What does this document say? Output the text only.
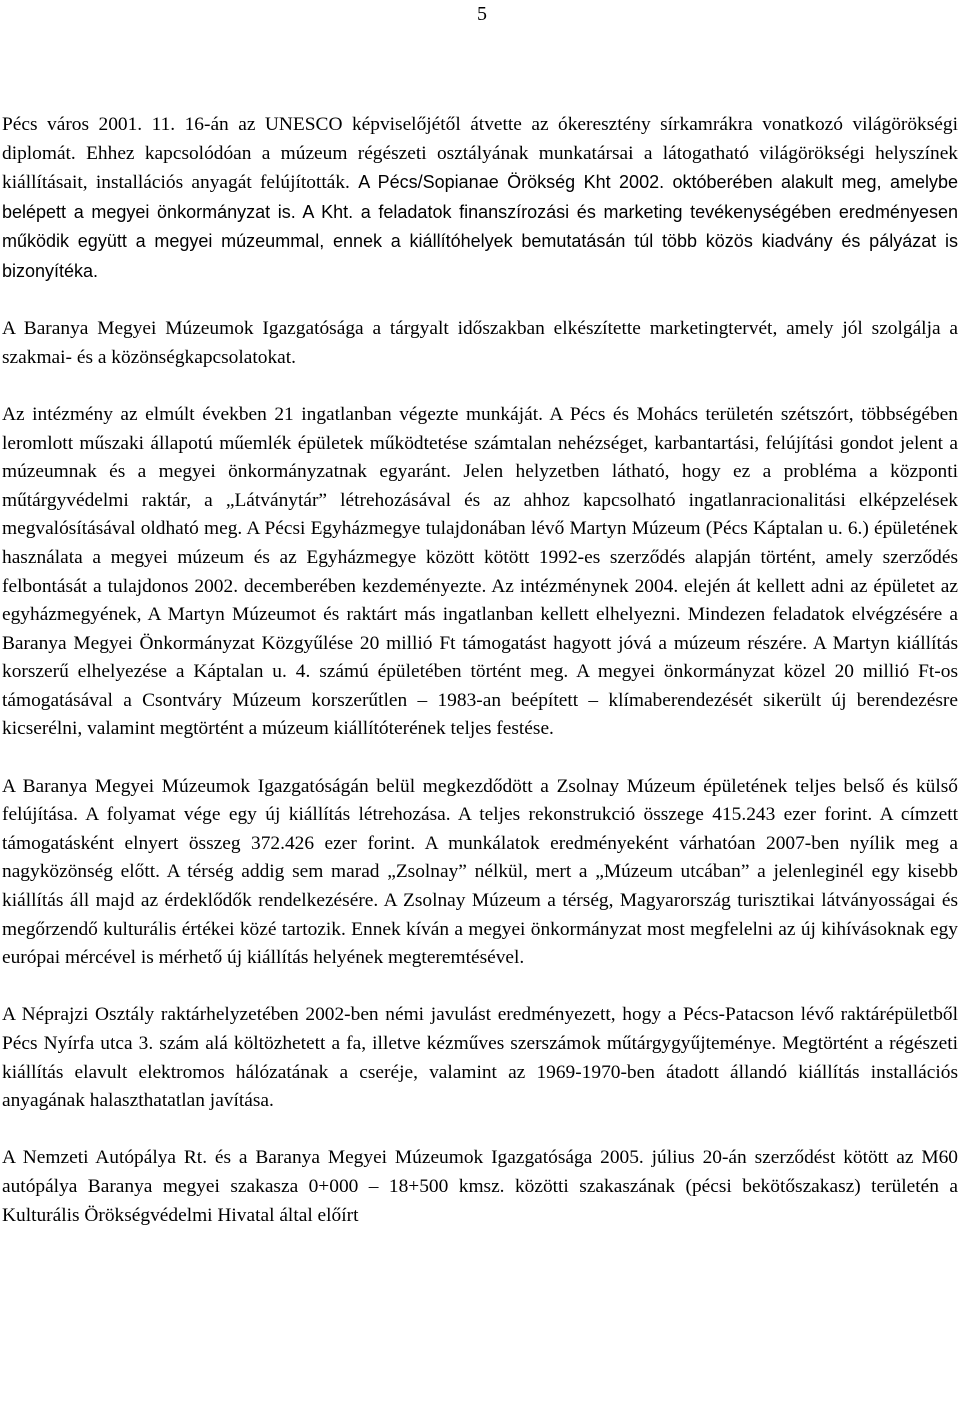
5

Pécs város 2001. 11. 16-án az UNESCO képviselőjétől átvette az ókeresztény sírkamrákra vonatkozó világörökségi diplomát. Ehhez kapcsolódóan a múzeum régészeti osztályának munkatársai a látogatható világörökségi helyszínek kiállításait, installációs anyagát felújították. A Pécs/Sopianae Örökség Kht 2002. októberében alakult meg, amelybe belépett a megyei önkormányzat is. A Kht. a feladatok finanszírozási és marketing tevékenységében eredményesen működik együtt a megyei múzeummal, ennek a kiállítóhelyek bemutatásán túl több közös kiadvány és pályázat is bizonyítéka.

A Baranya Megyei Múzeumok Igazgatósága a tárgyalt időszakban elkészítette marketingtervét, amely jól szolgálja a szakmai- és a közönségkapcsolatokat.

Az intézmény az elmúlt években 21 ingatlanban végezte munkáját. A Pécs és Mohács területén szétszórt, többségében leromlott műszaki állapotú műemlék épületek működtetése számtalan nehézséget, karbantartási, felújítási gondot jelent a múzeumnak és a megyei önkormányzatnak egyaránt. Jelen helyzetben látható, hogy ez a probléma a központi műtárgyvédelmi raktár, a „Látványtár” létrehozásával és az ahhoz kapcsolható ingatlanracionalitási elképzelések megvalósításával oldható meg. A Pécsi Egyházmegye tulajdonában lévő Martyn Múzeum (Pécs Káptalan u. 6.) épületének használata a megyei múzeum és az Egyházmegye között kötött 1992-es szerződés alapján történt, amely szerződés felbontását a tulajdonos 2002. decemberében kezdeményezte. Az intézménynek 2004. elején át kellett adni az épületet az egyházmegyének, A Martyn Múzeumot és raktárt más ingatlanban kellett elhelyezni. Mindezen feladatok elvégzésére a Baranya Megyei Önkormányzat Közgyűlése 20 millió Ft támogatást hagyott jóvá a múzeum részére. A Martyn kiállítás korszerű elhelyezése a Káptalan u. 4. számú épületében történt meg. A megyei önkormányzat közel 20 millió Ft-os támogatásával a Csontváry Múzeum korszerűtlen – 1983-an beépített – klímaberendezését sikerült új berendezésre kicserélni, valamint megtörtént a múzeum kiállítóterének teljes festése.

A Baranya Megyei Múzeumok Igazgatóságán belül megkezdődött a Zsolnay Múzeum épületének teljes belső és külső felújítása. A folyamat vége egy új kiállítás létrehozása. A teljes rekonstrukció összege 415.243 ezer forint. A címzett támogatásként elnyert összeg 372.426 ezer forint. A munkálatok eredményeként várhatóan 2007-ben nyílik meg a nagyközönség előtt. A térség addig sem marad „Zsolnay” nélkül, mert a „Múzeum utcában” a jelenleginél egy kisebb kiállítás áll majd az érdeklődők rendelkezésére. A Zsolnay Múzeum a térség, Magyarország turisztikai látványosságai és megőrzendő kulturális értékei közé tartozik. Ennek kíván a megyei önkormányzat most megfelelni az új kihívásoknak egy európai mércével is mérhető új kiállítás helyének megteremtésével.

A Néprajzi Osztály raktárhelyzetében 2002-ben némi javulást eredményezett, hogy a Pécs-Patacson lévő raktárépületből Pécs Nyírfa utca 3. szám alá költözhetett a fa, illetve kézműves szerszámok műtárgygyűjteménye. Megtörtént a régészeti kiállítás elavult elektromos hálózatának a cseréje, valamint az 1969-1970-ben átadott állandó kiállítás installációs anyagának halaszthatatlan javítása.

A Nemzeti Autópálya Rt. és a Baranya Megyei Múzeumok Igazgatósága 2005. július 20-án szerződést kötött az M60 autópálya Baranya megyei szakasza 0+000 – 18+500 kmsz. közötti szakaszának (pécsi bekötőszakasz) területén a Kulturális Örökségvédelmi Hivatal által előírt
